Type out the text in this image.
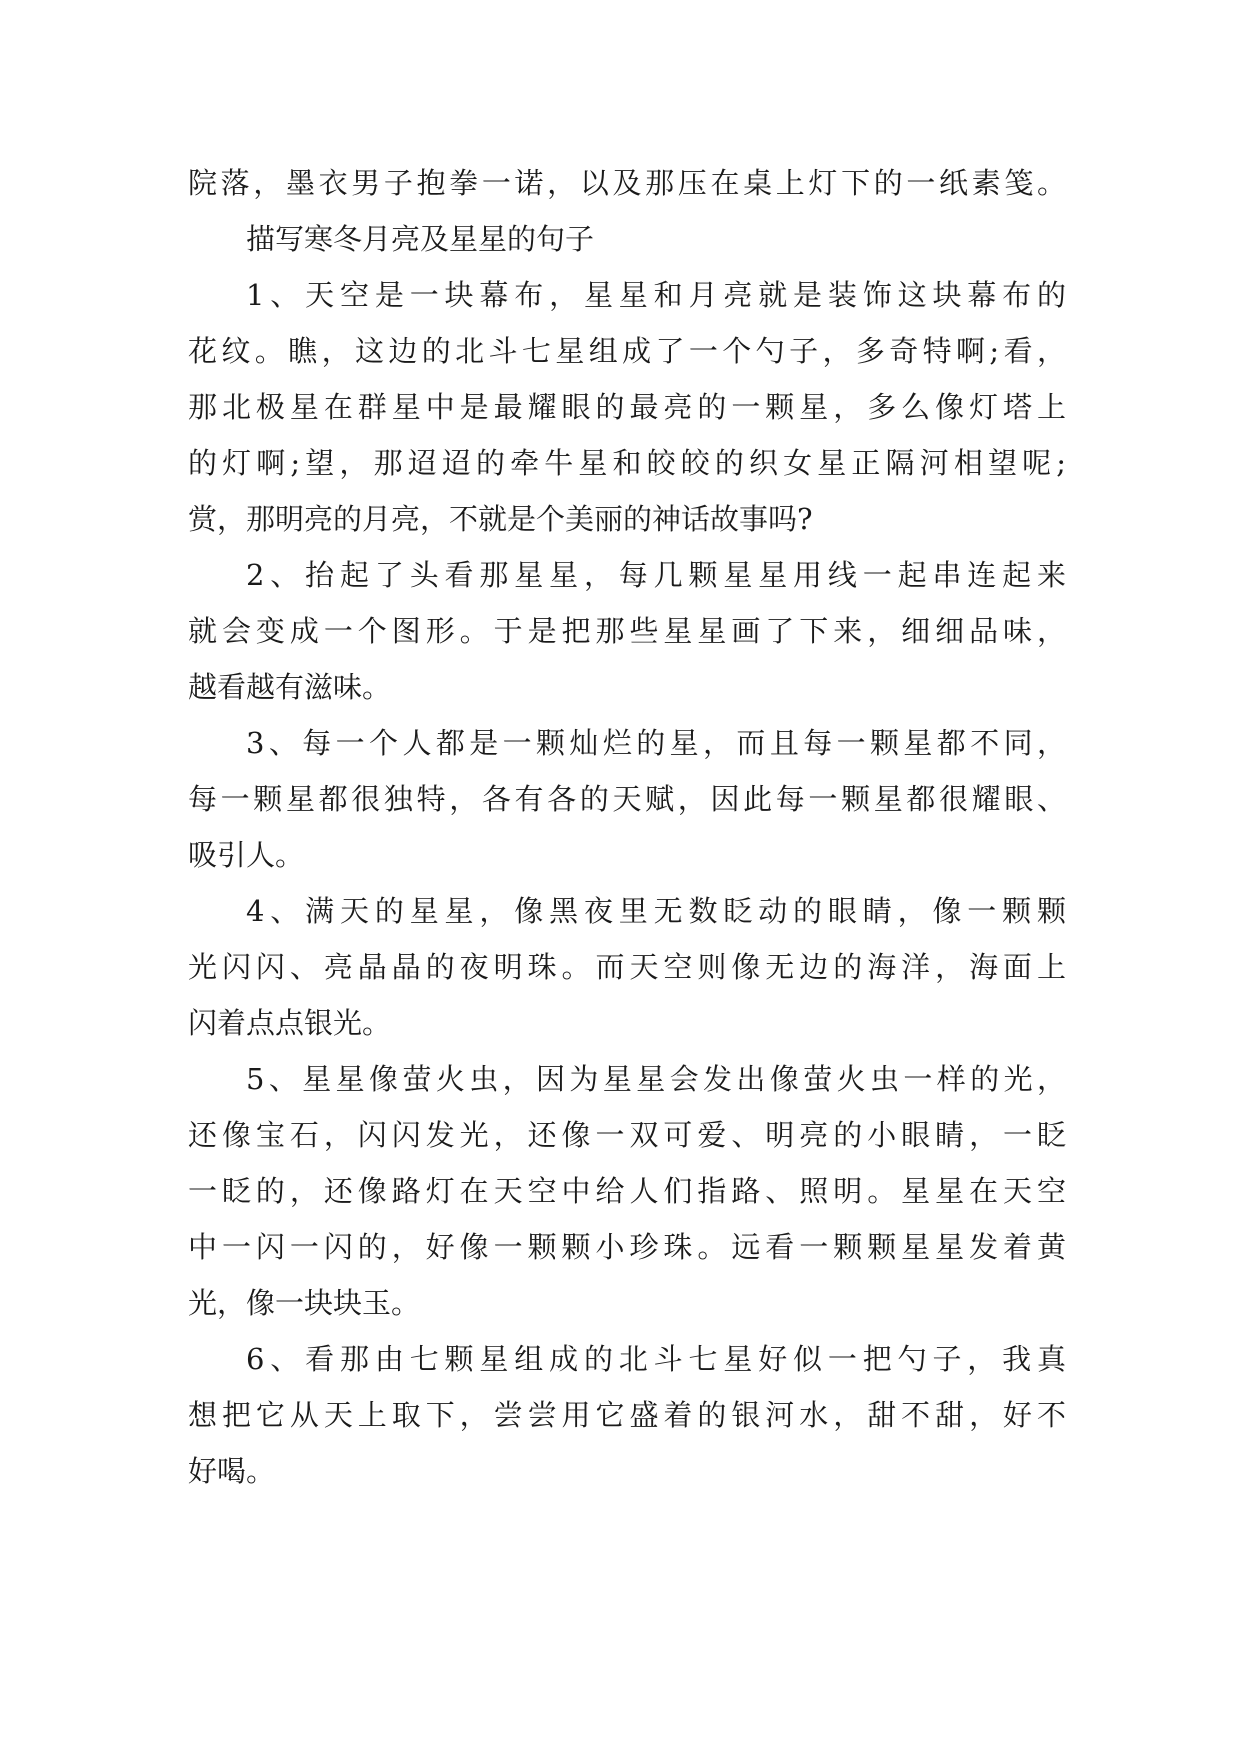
院落，墨衣男子抱拳一诺，以及那压在桌上灯下的一纸素笺。
描写寒冬月亮及星星的句子
1、天空是一块幕布，星星和月亮就是装饰这块幕布的
花纹。瞧，这边的北斗七星组成了一个勺子，多奇特啊;看，
那北极星在群星中是最耀眼的最亮的一颗星，多么像灯塔上
的灯啊;望，那迢迢的牵牛星和皎皎的织女星正隔河相望呢;
赏，那明亮的月亮，不就是个美丽的神话故事吗?
2、抬起了头看那星星，每几颗星星用线一起串连起来
就会变成一个图形。于是把那些星星画了下来，细细品味，
越看越有滋味。
3、每一个人都是一颗灿烂的星，而且每一颗星都不同，
每一颗星都很独特，各有各的天赋，因此每一颗星都很耀眼、
吸引人。
4、满天的星星，像黑夜里无数眨动的眼睛，像一颗颗
光闪闪、亮晶晶的夜明珠。而天空则像无边的海洋，海面上
闪着点点银光。
5、星星像萤火虫，因为星星会发出像萤火虫一样的光，
还像宝石，闪闪发光，还像一双可爱、明亮的小眼睛，一眨
一眨的，还像路灯在天空中给人们指路、照明。星星在天空
中一闪一闪的，好像一颗颗小珍珠。远看一颗颗星星发着黄
光，像一块块玉。
6、看那由七颗星组成的北斗七星好似一把勺子，我真
想把它从天上取下，尝尝用它盛着的银河水，甜不甜，好不
好喝。
